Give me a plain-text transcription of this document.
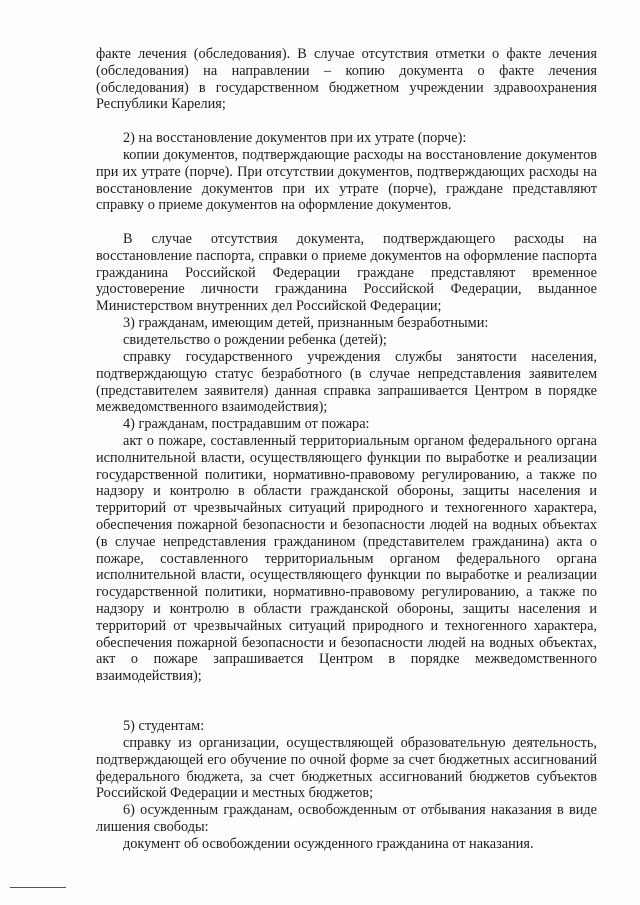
факте лечения (обследования). В случае отсутствия отметки о факте лечения (обследования) на направлении – копию документа о факте лечения (обследования) в государственном бюджетном учреждении здравоохранения Республики Карелия;

2) на восстановление документов при их утрате (порче):

копии документов, подтверждающие расходы на восстановление документов при их утрате (порче). При отсутствии документов, подтверждающих расходы на восстановление документов при их утрате (порче), граждане представляют справку о приеме документов на оформление документов.

В случае отсутствия документа, подтверждающего расходы на восстановление паспорта, справки о приеме документов на оформление паспорта гражданина Российской Федерации граждане представляют временное удостоверение личности гражданина Российской Федерации, выданное Министерством внутренних дел Российской Федерации;

3) гражданам, имеющим детей, признанным безработными:

свидетельство о рождении ребенка (детей);

справку государственного учреждения службы занятости населения, подтверждающую статус безработного (в случае непредставления заявителем (представителем заявителя) данная справка запрашивается Центром в порядке межведомственного взаимодействия);

4) гражданам, пострадавшим от пожара:

акт о пожаре, составленный территориальным органом федерального органа исполнительной власти, осуществляющего функции по выработке и реализации государственной политики, нормативно-правовому регулированию, а также по надзору и контролю в области гражданской обороны, защиты населения и территорий от чрезвычайных ситуаций природного и техногенного характера, обеспечения пожарной безопасности и безопасности людей на водных объектах (в случае непредставления гражданином (представителем гражданина) акта о пожаре, составленного территориальным органом федерального органа исполнительной власти, осуществляющего функции по выработке и реализации государственной политики, нормативно-правовому регулированию, а также по надзору и контролю в области гражданской обороны, защиты населения и территорий от чрезвычайных ситуаций природного и техногенного характера, обеспечения пожарной безопасности и безопасности людей на водных объектах, акт о пожаре запрашивается Центром в порядке межведомственного взаимодействия);

5) студентам:

справку из организации, осуществляющей образовательную деятельность, подтверждающей его обучение по очной форме за счет бюджетных ассигнований федерального бюджета, за счет бюджетных ассигнований бюджетов субъектов Российской Федерации и местных бюджетов;

6) осужденным гражданам, освобожденным от отбывания наказания в виде лишения свободы:

документ об освобождении осужденного гражданина от наказания.
